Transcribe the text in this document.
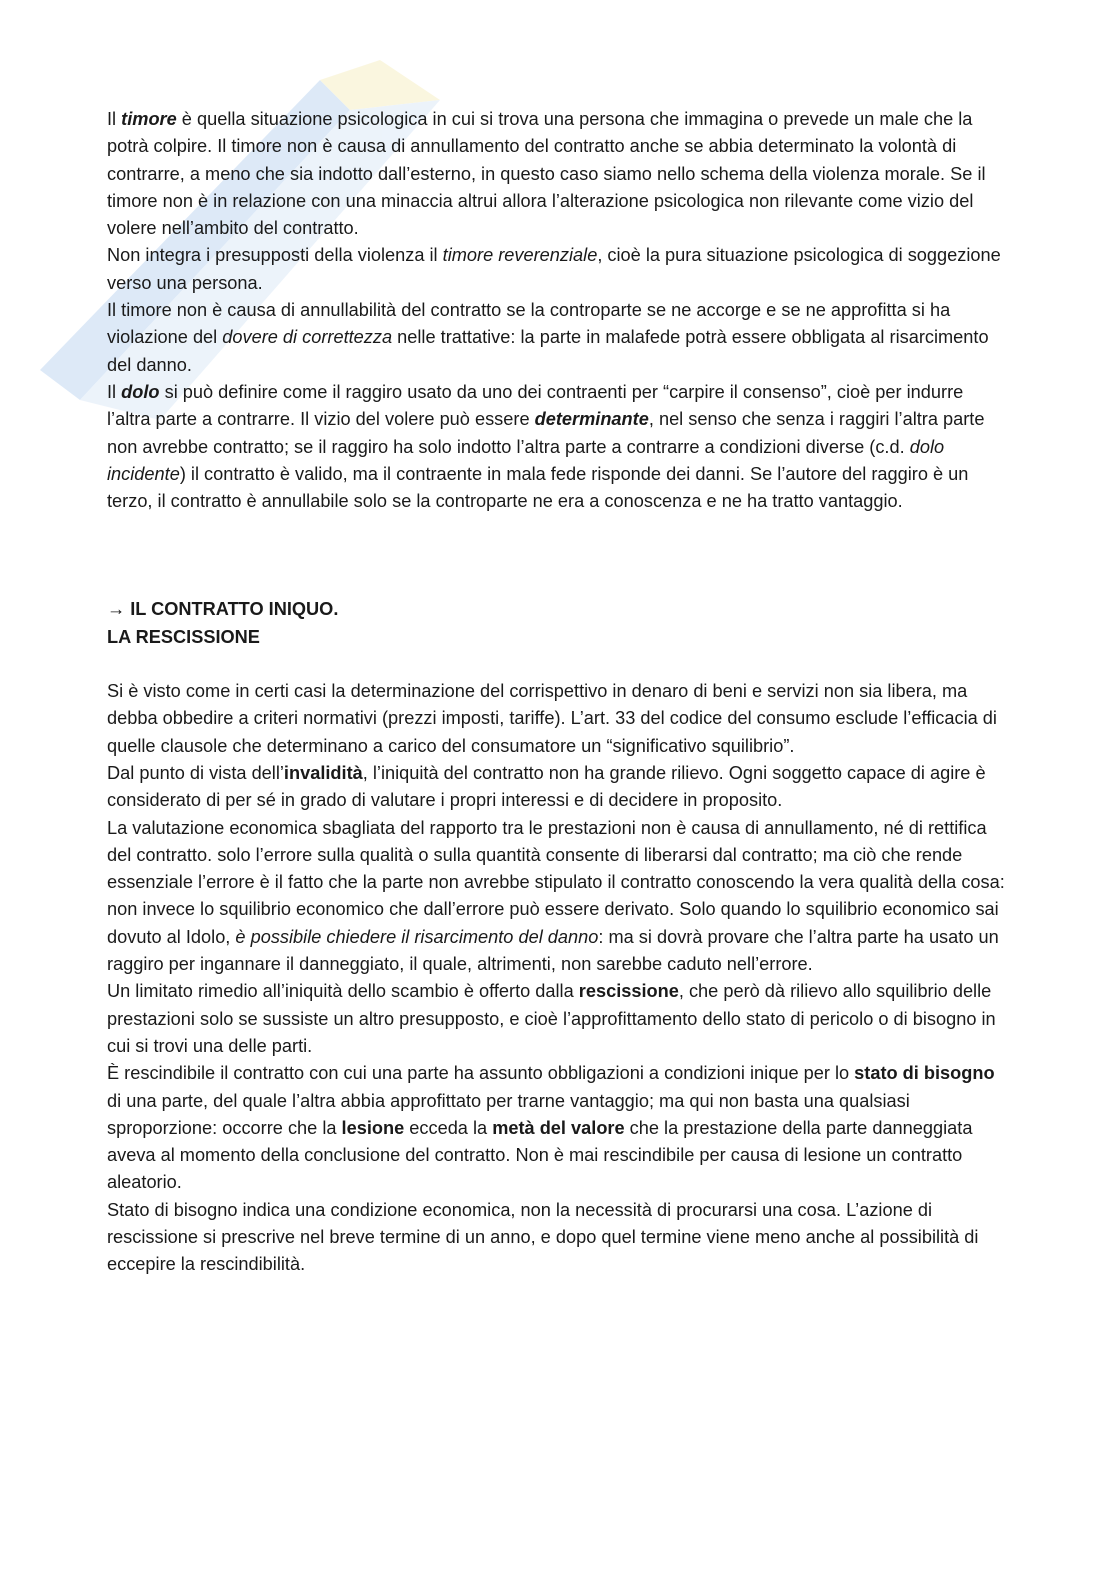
Il timore è quella situazione psicologica in cui si trova una persona che immagina o prevede un male che la potrà colpire. Il timore non è causa di annullamento del contratto anche se abbia determinato la volontà di contrarre, a meno che sia indotto dall’esterno, in questo caso siamo nello schema della violenza morale. Se il timore non è in relazione con una minaccia altrui allora l’alterazione psicologica non rilevante come vizio del volere nell’ambito del contratto.

Non integra i presupposti della violenza il timore reverenziale, cioè la pura situazione psicologica di soggezione verso una persona.

Il timore non è causa di annullabilità del contratto se la controparte se ne accorge e se ne approfitta si ha violazione del dovere di correttezza nelle trattative: la parte in malafede potrà essere obbligata al risarcimento del danno.

Il dolo si può definire come il raggiro usato da uno dei contraenti per “carpire il consenso”, cioè per indurre l’altra parte a contrarre. Il vizio del volere può essere determinante, nel senso che senza i raggiri l’altra parte non avrebbe contratto; se il raggiro ha solo indotto l’altra parte a contrarre a condizioni diverse (c.d. dolo incidente) il contratto è valido, ma il contraente in mala fede risponde dei danni. Se l’autore del raggiro è un terzo, il contratto è annullabile solo se la controparte ne era a conoscenza e ne ha tratto vantaggio.

→ IL CONTRATTO INIQUO.

LA RESCISSIONE

Si è visto come in certi casi la determinazione del corrispettivo in denaro di beni e servizi non sia libera, ma debba obbedire a criteri normativi (prezzi imposti, tariffe). L’art. 33 del codice del consumo esclude l’efficacia di quelle clausole che determinano a carico del consumatore un “significativo squilibrio”.

Dal punto di vista dell’invalidità, l’iniquità del contratto non ha grande rilievo. Ogni soggetto capace di agire è considerato di per sé in grado di valutare i propri interessi e di decidere in proposito.

La valutazione economica sbagliata del rapporto tra le prestazioni non è causa di annullamento, né di rettifica del contratto. solo l’errore sulla qualità o sulla quantità consente di liberarsi dal contratto; ma ciò che rende essenziale l’errore è il fatto che la parte non avrebbe stipulato il contratto conoscendo la vera qualità della cosa: non invece lo squilibrio economico che dall’errore può essere derivato. Solo quando lo squilibrio economico sai dovuto al Idolo, è possibile chiedere il risarcimento del danno: ma si dovrà provare che l’altra parte ha usato un raggiro per ingannare il danneggiato, il quale, altrimenti, non sarebbe caduto nell’errore.

Un limitato rimedio all’iniquità dello scambio è offerto dalla rescissione, che però dà rilievo allo squilibrio delle prestazioni solo se sussiste un altro presupposto, e cioè l’approfittamento dello stato di pericolo o di bisogno in cui si trovi una delle parti.

È rescindibile il contratto con cui una parte ha assunto obbligazioni a condizioni inique per lo stato di bisogno di una parte, del quale l’altra abbia approfittato per trarne vantaggio; ma qui non basta una qualsiasi sproporzione: occorre che la lesione ecceda la metà del valore che la prestazione della parte danneggiata aveva al momento della conclusione del contratto. Non è mai rescindibile per causa di lesione un contratto aleatorio.

Stato di bisogno indica una condizione economica, non la necessità di procurarsi una cosa. L’azione di rescissione si prescrive nel breve termine di un anno, e dopo quel termine viene meno anche al possibilità di eccepire la rescindibilità.
